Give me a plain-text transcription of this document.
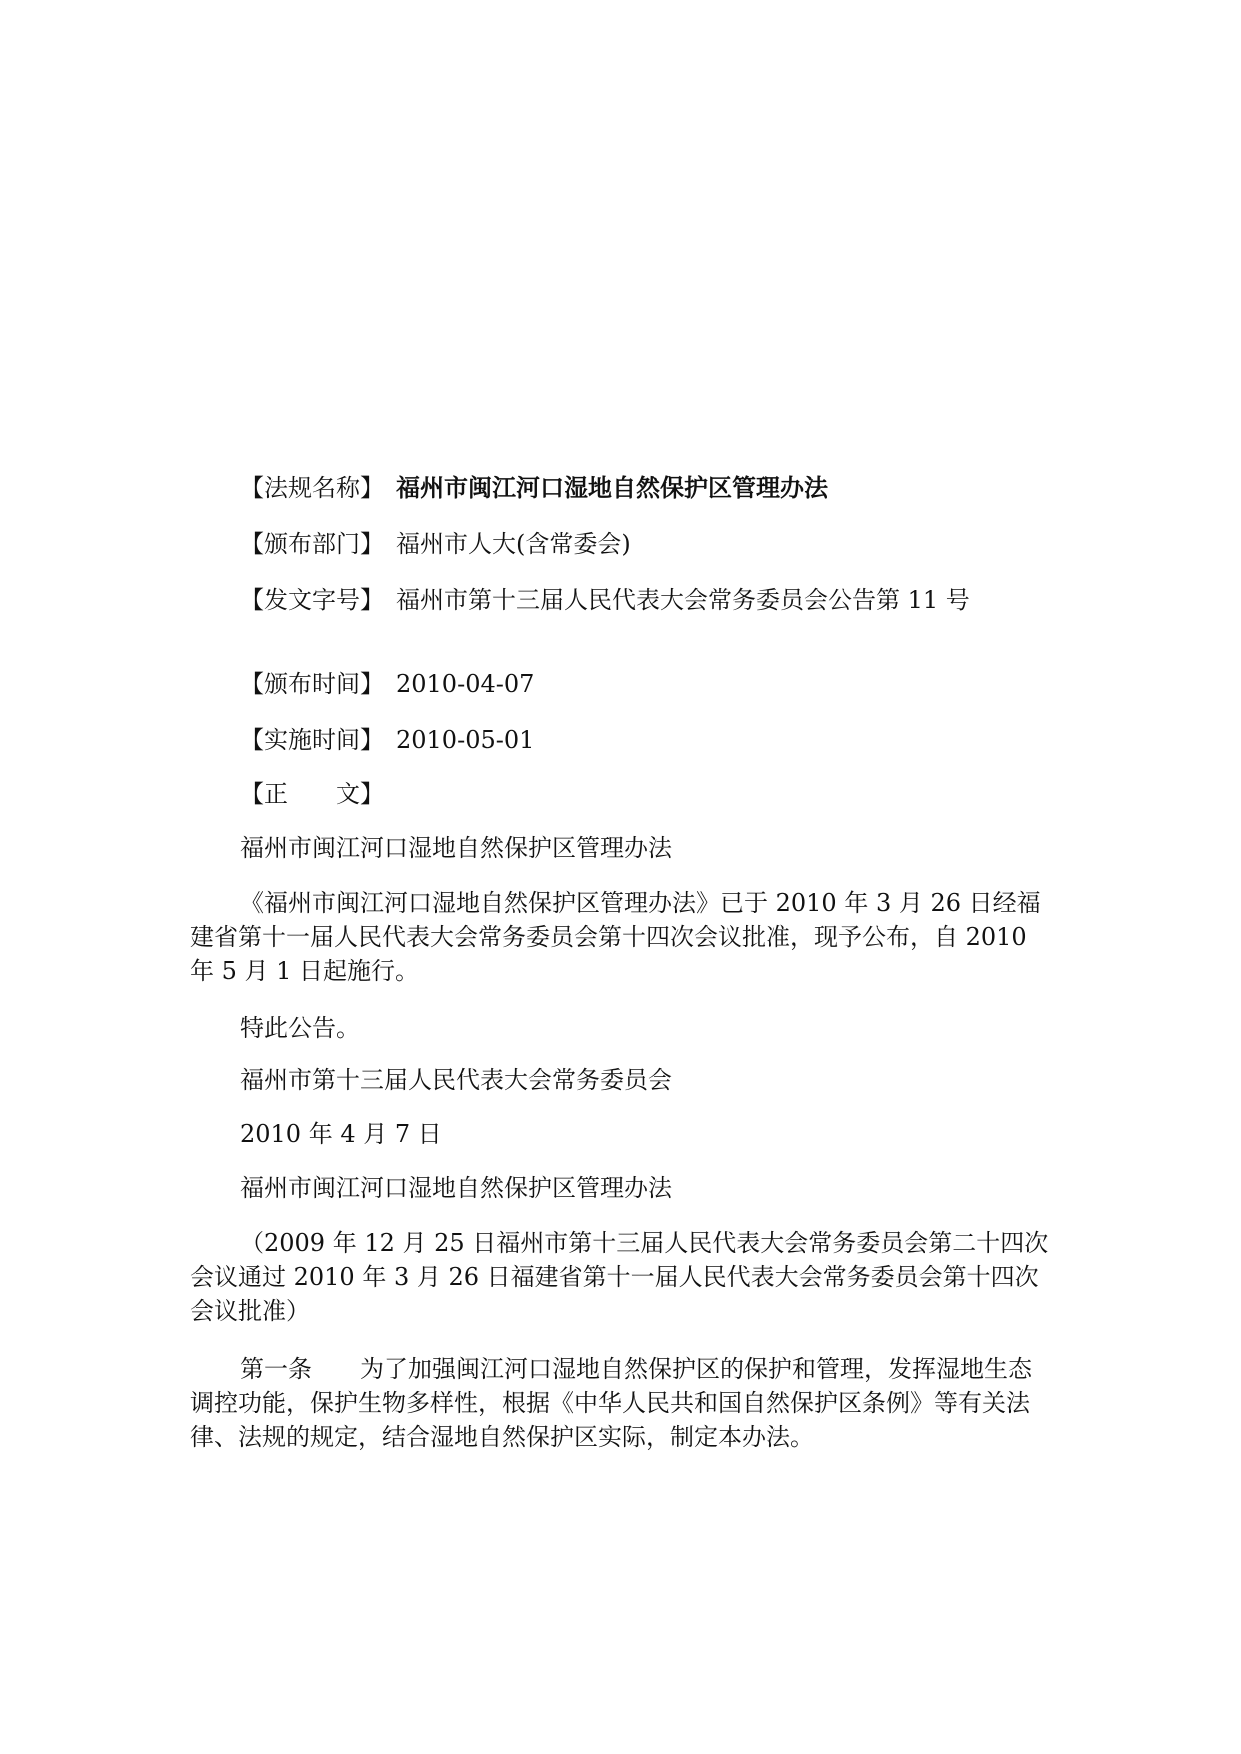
【法规名称】 福州市闽江河口湿地自然保护区管理办法
【颁布部门】 福州市人大(含常委会)
【发文字号】 福州市第十三届人民代表大会常务委员会公告第 11 号
【颁布时间】 2010-04-07
【实施时间】 2010-05-01
【正　　文】
福州市闽江河口湿地自然保护区管理办法
《福州市闽江河口湿地自然保护区管理办法》已于 2010 年 3 月 26 日经福建省第十一届人民代表大会常务委员会第十四次会议批准，现予公布，自 2010 年 5 月 1 日起施行。
特此公告。
福州市第十三届人民代表大会常务委员会
2010 年 4 月 7 日
福州市闽江河口湿地自然保护区管理办法
（2009 年 12 月 25 日福州市第十三届人民代表大会常务委员会第二十四次会议通过 2010 年 3 月 26 日福建省第十一届人民代表大会常务委员会第十四次会议批准）
第一条 为了加强闽江河口湿地自然保护区的保护和管理，发挥湿地生态调控功能，保护生物多样性，根据《中华人民共和国自然保护区条例》等有关法律、法规的规定，结合湿地自然保护区实际，制定本办法。
